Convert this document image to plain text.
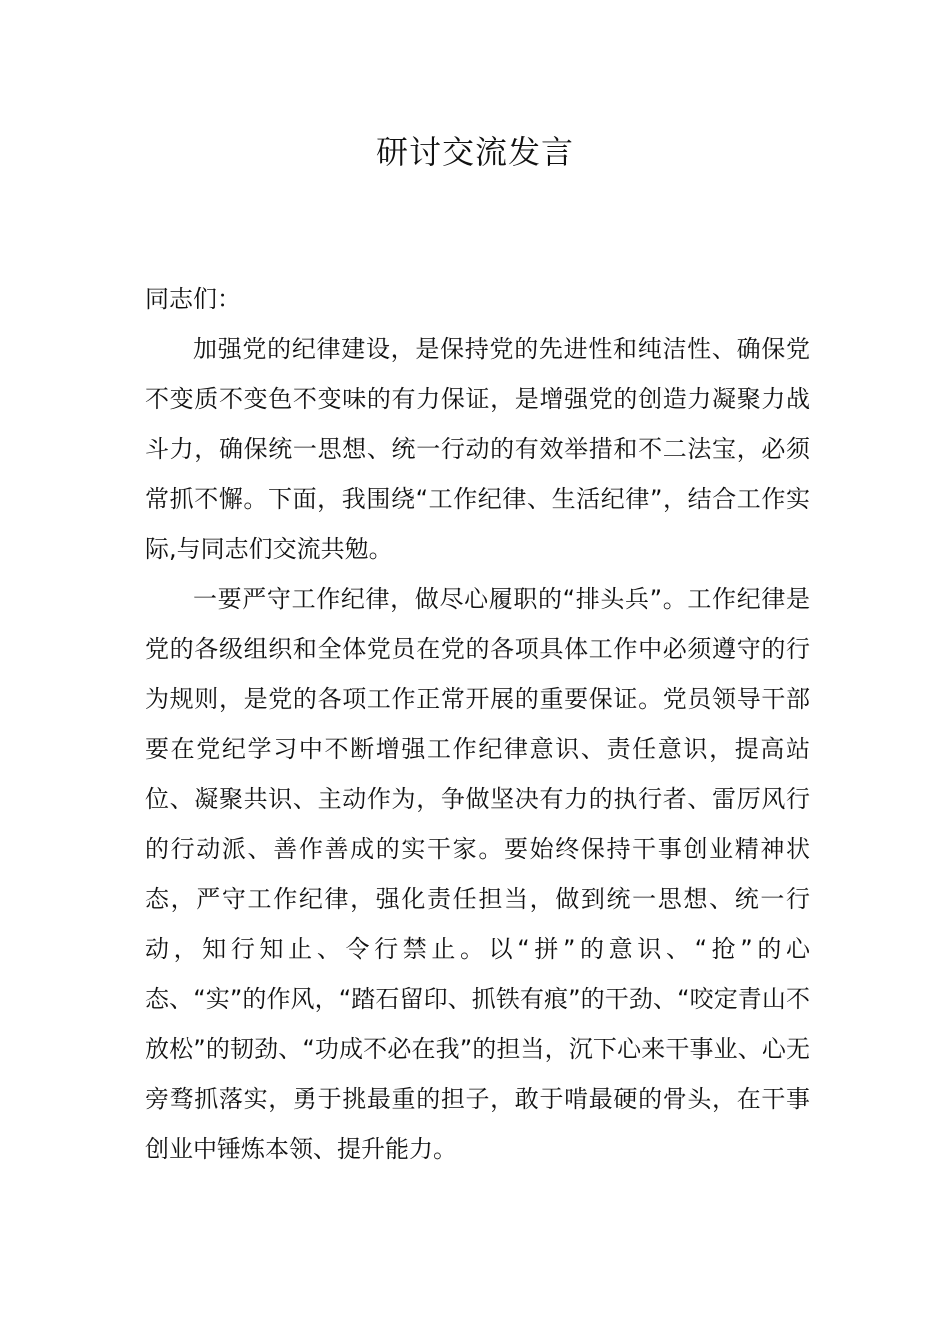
研讨交流发言

同志们：

加强党的纪律建设，是保持党的先进性和纯洁性、确保党不变质不变色不变味的有力保证，是增强党的创造力凝聚力战斗力，确保统一思想、统一行动的有效举措和不二法宝，必须常抓不懈。下面，我围绕“工作纪律、生活纪律”，结合工作实际,与同志们交流共勉。

一要严守工作纪律，做尽心履职的“排头兵”。工作纪律是党的各级组织和全体党员在党的各项具体工作中必须遵守的行为规则，是党的各项工作正常开展的重要保证。党员领导干部要在党纪学习中不断增强工作纪律意识、责任意识，提高站位、凝聚共识、主动作为，争做坚决有力的执行者、雷厉风行的行动派、善作善成的实干家。要始终保持干事创业精神状态，严守工作纪律，强化责任担当，做到统一思想、统一行动，知行知止、令行禁止。以“拼”的意识、“抢”的心态、“实”的作风，“踏石留印、抓铁有痕”的干劲、“咬定青山不放松”的韧劲、“功成不必在我”的担当，沉下心来干事业、心无旁骛抓落实，勇于挑最重的担子，敢于啃最硬的骨头，在干事创业中锤炼本领、提升能力。
